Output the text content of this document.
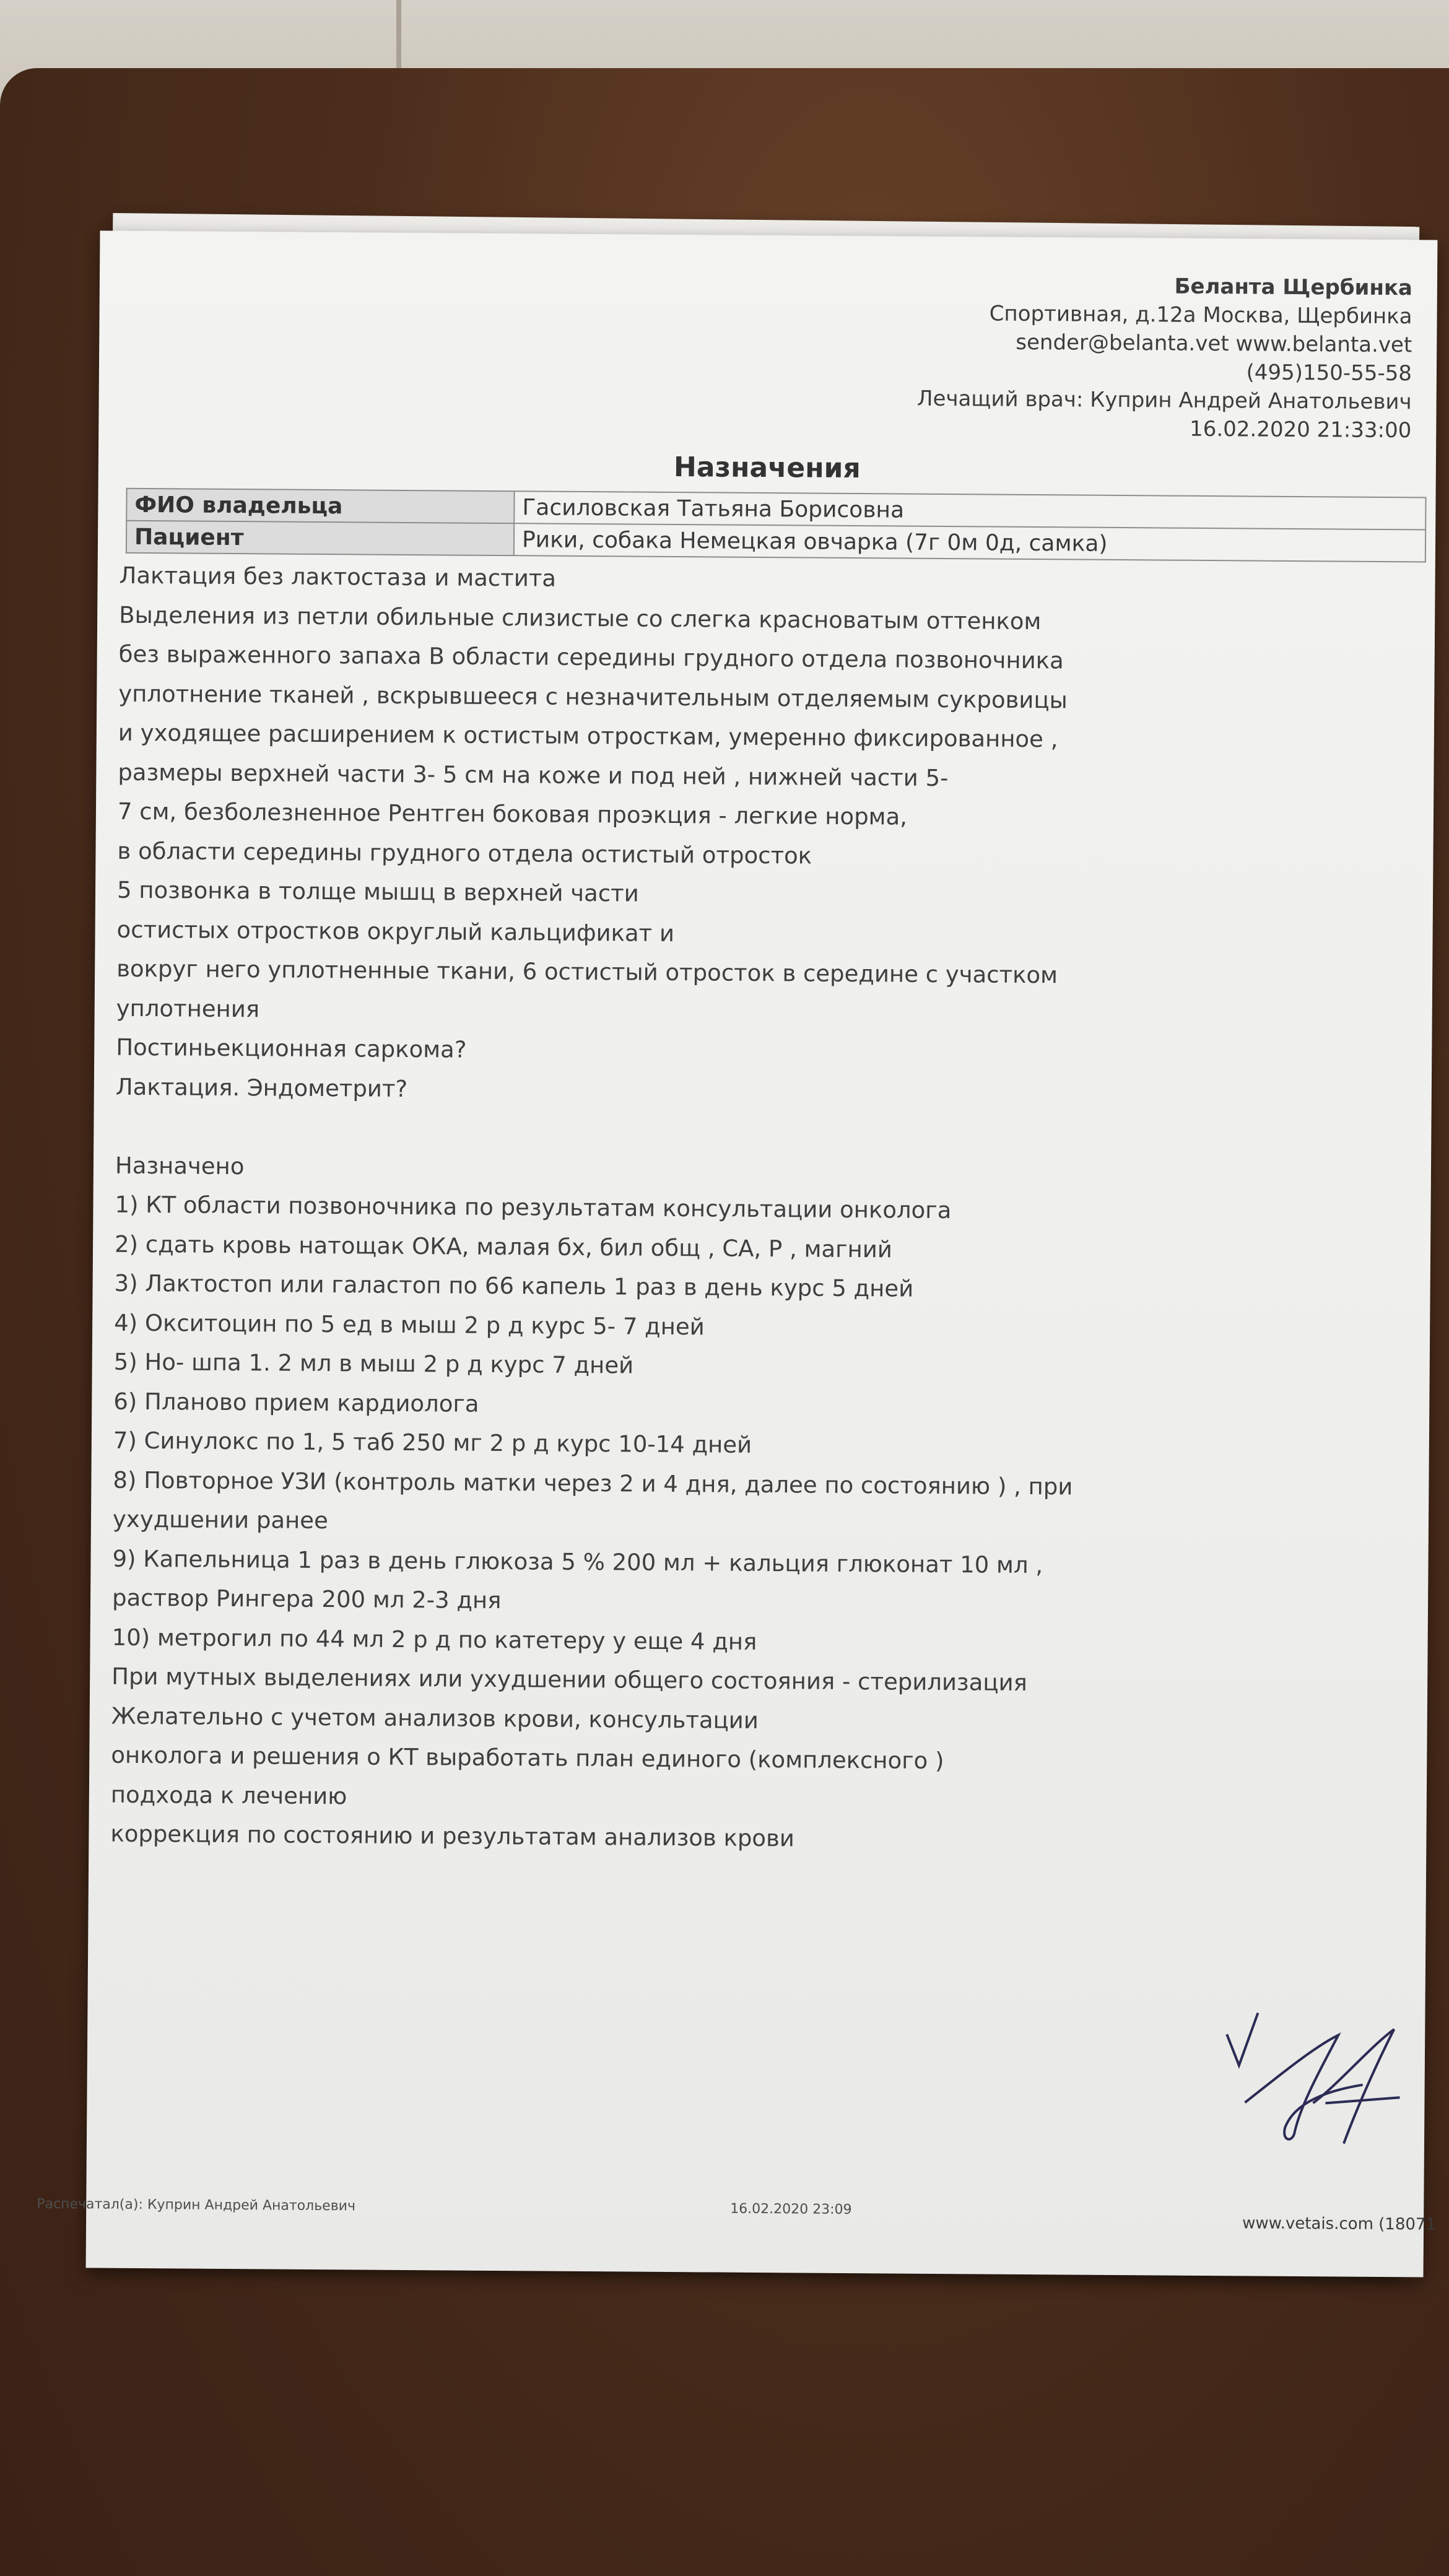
Беланта Щербинка
Спортивная, д.12а Москва, Щербинка
sender@belanta.vet www.belanta.vet
(495)150-55-58
Лечащий врач: Куприн Андрей Анатольевич
16.02.2020 21:33:00
Назначения
ФИО владельца	Гасиловская Татьяна Борисовна
Пациент	Рики, собака Немецкая овчарка (7г 0м 0д, самка)
Лактация без лактостаза и мастита
Выделения из петли обильные слизистые со слегка красноватым оттенком
без выраженного запаха В области середины грудного отдела позвоночника
уплотнение тканей , вскрывшееся с незначительным отделяемым сукровицы
и уходящее расширением к остистым отросткам, умеренно фиксированное ,
размеры верхней части 3- 5 см на коже и под ней , нижней части 5-
7 см, безболезненное Рентген боковая проэкция - легкие норма,
в области середины грудного отдела остистый отросток
5 позвонка в толще мышц в верхней части
остистых отростков округлый кальцификат и
вокруг него уплотненные ткани, 6 остистый отросток в середине с участком
уплотнения
Постиньекционная саркома?
Лактация. Эндометрит?

Назначено
1) КТ области позвоночника по результатам консультации онколога
2) сдать кровь натощак ОКА, малая бх, бил общ , СА, Р , магний
3) Лактостоп или галастоп по 66 капель 1 раз в день курс 5 дней
4) Окситоцин по 5 ед в мыш 2 р д курс 5- 7 дней
5) Но- шпа 1. 2 мл в мыш 2 р д курс 7 дней
6) Планово прием кардиолога
7) Синулокс по 1, 5 таб 250 мг 2 р д курс 10-14 дней
8) Повторное УЗИ (контроль матки через 2 и 4 дня, далее по состоянию ) , при
ухудшении ранее
9) Капельница 1 раз в день глюкоза 5 % 200 мл + кальция глюконат 10 мл ,
раствор Рингера 200 мл 2-3 дня
10) метрогил по 44 мл 2 р д по катетеру у еще 4 дня
При мутных выделениях или ухудшении общего состояния - стерилизация
Желательно с учетом анализов крови, консультации
онколога и решения о КТ выработать план единого (комплексного )
подхода к лечению
коррекция по состоянию и результатам анализов крови
Распечатал(а): Куприн Андрей Анатольевич	16.02.2020 23:09
www.vetais.com (18071
